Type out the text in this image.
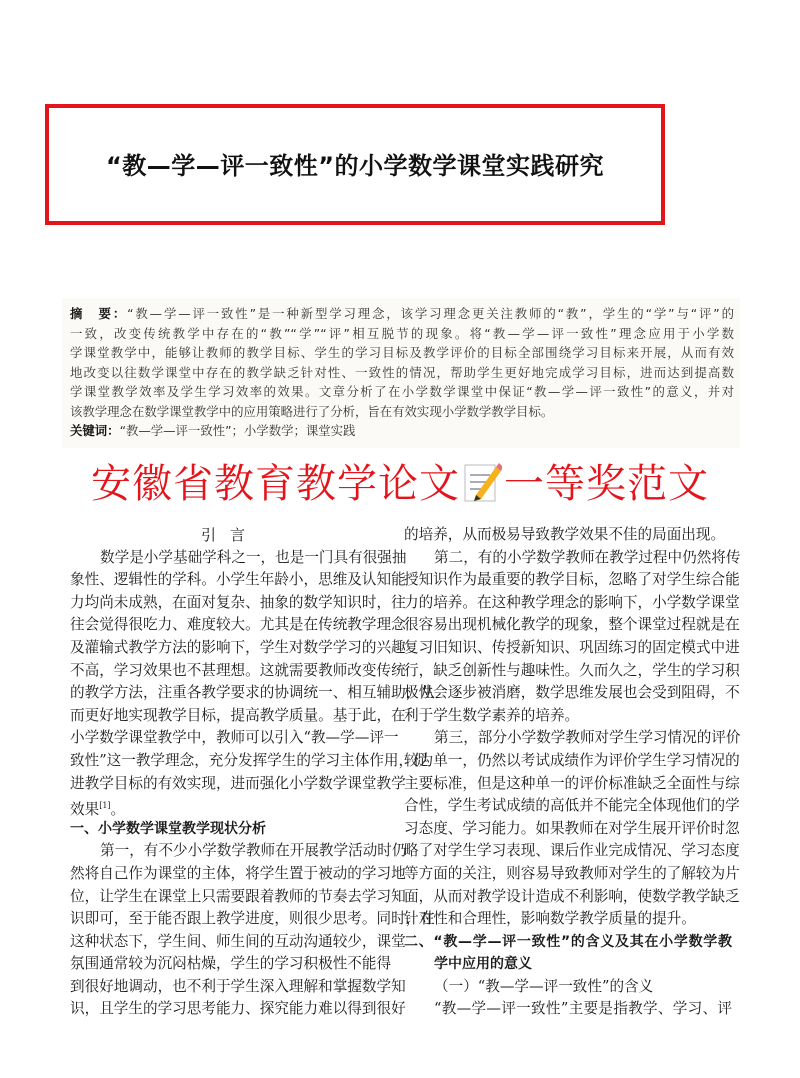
“教—学—评一致性”的小学数学课堂实践研究
摘　要：“教—学—评一致性”是一种新型学习理念，该学习理念更关注教师的“教”，学生的“学”与“评”的
一致，改变传统教学中存在的“教”“学”“评”相互脱节的现象。将“教—学—评一致性”理念应用于小学数
学课堂教学中，能够让教师的教学目标、学生的学习目标及教学评价的目标全部围绕学习目标来开展，从而有效
地改变以往数学课堂中存在的教学缺乏针对性、一致性的情况，帮助学生更好地完成学习目标，进而达到提高数
学课堂教学效率及学生学习效率的效果。文章分析了在小学数学课堂中保证“教—学—评一致性”的意义，并对
该教学理念在数学课堂教学中的应用策略进行了分析，旨在有效实现小学数学教学目标。
关键词：“教—学—评一致性”；小学数学；课堂实践
安徽省教育教学论文 一等奖范文
引言
数学是小学基础学科之一，也是一门具有很强抽
象性、逻辑性的学科。小学生年龄小，思维及认知能
力均尚未成熟，在面对复杂、抽象的数学知识时，往
往会觉得很吃力、难度较大。尤其是在传统教学理念
及灌输式教学方法的影响下，学生对数学学习的兴趣
不高，学习效果也不甚理想。这就需要教师改变传统
的教学方法，注重各教学要求的协调统一、相互辅助，从
而更好地实现教学目标，提高教学质量。基于此，在
小学数学课堂教学中，教师可以引入“教—学—评一
致性”这一教学理念，充分发挥学生的学习主体作用，促
进教学目标的有效实现，进而强化小学数学课堂教学
效果[1]。
一、小学数学课堂教学现状分析
第一，有不少小学数学教师在开展教学活动时仍
然将自己作为课堂的主体，将学生置于被动的学习地
位，让学生在课堂上只需要跟着教师的节奏去学习知
识即可，至于能否跟上教学进度，则很少思考。同时，在
这种状态下，学生间、师生间的互动沟通较少，课堂
氛围通常较为沉闷枯燥，学生的学习积极性不能得
到很好地调动，也不利于学生深入理解和掌握数学知
识，且学生的学习思考能力、探究能力难以得到很好
的培养，从而极易导致教学效果不佳的局面出现。
第二，有的小学数学教师在教学过程中仍然将传
授知识作为最重要的教学目标，忽略了对学生综合能
力的培养。在这种教学理念的影响下，小学数学课堂
很容易出现机械化教学的现象，整个课堂过程就是在
复习旧知识、传授新知识、巩固练习的固定模式中进
行，缺乏创新性与趣味性。久而久之，学生的学习积
极性会逐步被消磨，数学思维发展也会受到阻碍，不
利于学生数学素养的培养。
第三，部分小学数学教师对学生学习情况的评价
较为单一，仍然以考试成绩作为评价学生学习情况的
主要标准，但是这种单一的评价标准缺乏全面性与综
合性，学生考试成绩的高低并不能完全体现他们的学
习态度、学习能力。如果教师在对学生展开评价时忽
略了对学生学习表现、课后作业完成情况、学习态度
等方面的关注，则容易导致教师对学生的了解较为片
面，从而对教学设计造成不利影响，使数学教学缺乏
针对性和合理性，影响数学教学质量的提升。
二、“教—学—评一致性”的含义及其在小学数学教
学中应用的意义
（一）“教—学—评一致性”的含义
“教—学—评一致性”主要是指教学、学习、评
